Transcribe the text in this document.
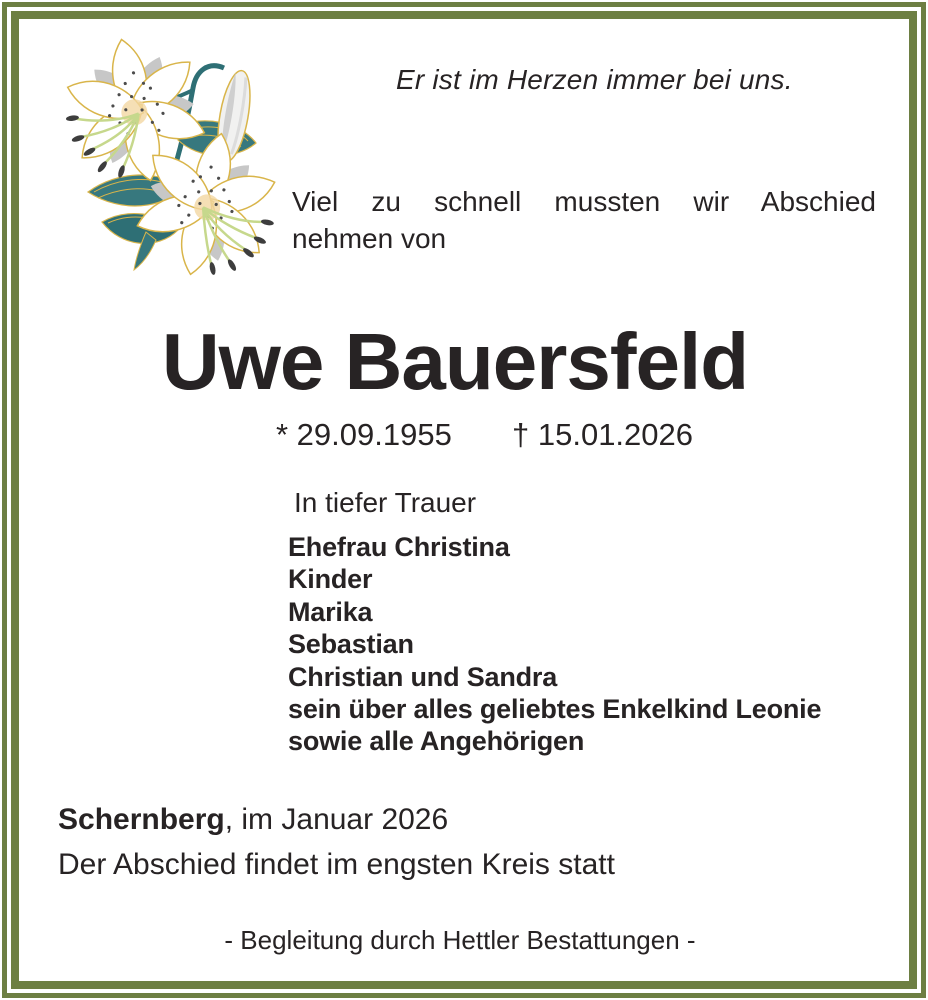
Er ist im Herzen immer bei uns.
Viel zu schnell mussten wir Abschied
nehmen von
Uwe Bauersfeld
* 29.09.1955 † 15.01.2026
In tiefer Trauer
Ehefrau Christina
Kinder
Marika
Sebastian
Christian und Sandra
sein über alles geliebtes Enkelkind Leonie
sowie alle Angehörigen
Schernberg, im Januar 2026
Der Abschied findet im engsten Kreis statt
- Begleitung durch Hettler Bestattungen -
